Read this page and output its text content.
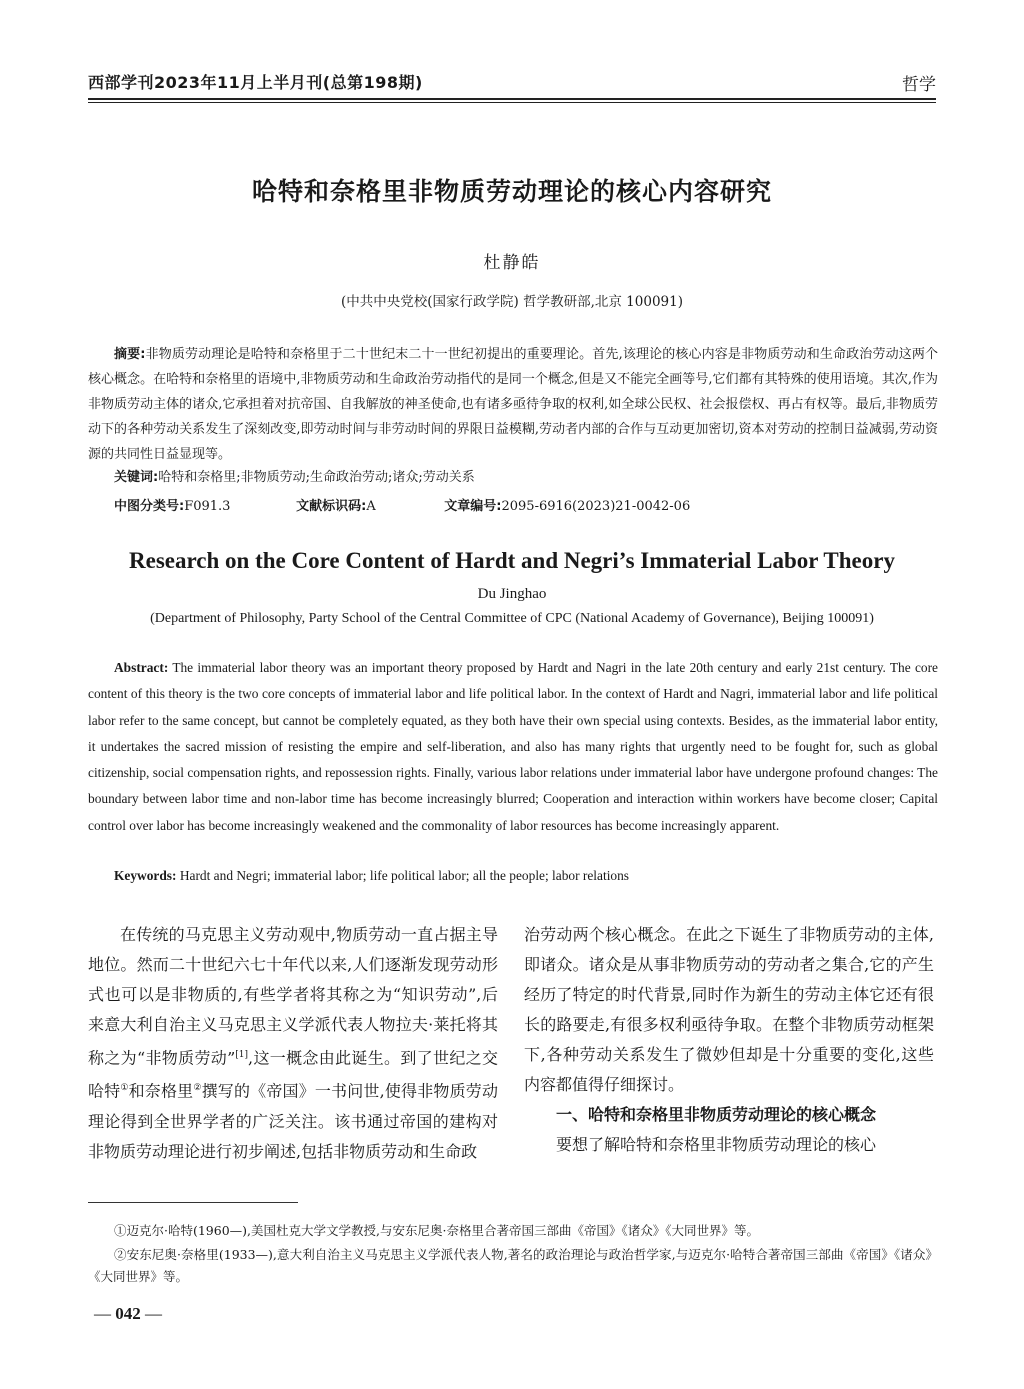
西部学刊2023年11月上半月刊(总第198期)	哲学
哈特和奈格里非物质劳动理论的核心内容研究
杜静皓
(中共中央党校(国家行政学院) 哲学教研部,北京 100091)
摘要:非物质劳动理论是哈特和奈格里于二十世纪末二十一世纪初提出的重要理论。首先,该理论的核心内容是非物质劳动和生命政治劳动这两个核心概念。在哈特和奈格里的语境中,非物质劳动和生命政治劳动指代的是同一个概念,但是又不能完全画等号,它们都有其特殊的使用语境。其次,作为非物质劳动主体的诸众,它承担着对抗帝国、自我解放的神圣使命,也有诸多亟待争取的权利,如全球公民权、社会报偿权、再占有权等。最后,非物质劳动下的各种劳动关系发生了深刻改变,即劳动时间与非劳动时间的界限日益模糊,劳动者内部的合作与互动更加密切,资本对劳动的控制日益减弱,劳动资源的共同性日益显现等。
关键词:哈特和奈格里;非物质劳动;生命政治劳动;诸众;劳动关系
中图分类号:F091.3	文献标识码:A	文章编号:2095-6916(2023)21-0042-06
Research on the Core Content of Hardt and Negri’s Immaterial Labor Theory
Du Jinghao
(Department of Philosophy, Party School of the Central Committee of CPC (National Academy of Governance), Beijing 100091)
Abstract: The immaterial labor theory was an important theory proposed by Hardt and Nagri in the late 20th century and early 21st century. The core content of this theory is the two core concepts of immaterial labor and life political labor. In the context of Hardt and Nagri, immaterial labor and life political labor refer to the same concept, but cannot be completely equated, as they both have their own special using contexts. Besides, as the immaterial labor entity, it undertakes the sacred mission of resisting the empire and self-liberation, and also has many rights that urgently need to be fought for, such as global citizenship, social compensation rights, and repossession rights. Finally, various labor relations under immaterial labor have undergone profound changes: The boundary between labor time and non-labor time has become increasingly blurred; Cooperation and interaction within workers have become closer; Capital control over labor has become increasingly weakened and the commonality of labor resources has become increasingly apparent.
Keywords: Hardt and Negri; immaterial labor; life political labor; all the people; labor relations

在传统的马克思主义劳动观中,物质劳动一直占据主导地位。然而二十世纪六七十年代以来,人们逐渐发现劳动形式也可以是非物质的,有些学者将其称之为“知识劳动”,后来意大利自治主义马克思主义学派代表人物拉夫·莱托将其称之为“非物质劳动”[1],这一概念由此诞生。到了世纪之交哈特①和奈格里②撰写的《帝国》一书问世,使得非物质劳动理论得到全世界学者的广泛关注。该书通过帝国的建构对非物质劳动理论进行初步阐述,包括非物质劳动和生命政

治劳动两个核心概念。在此之下诞生了非物质劳动的主体,即诸众。诸众是从事非物质劳动的劳动者之集合,它的产生经历了特定的时代背景,同时作为新生的劳动主体它还有很长的路要走,有很多权利亟待争取。在整个非物质劳动框架下,各种劳动关系发生了微妙但却是十分重要的变化,这些内容都值得仔细探讨。

一、哈特和奈格里非物质劳动理论的核心概念

要想了解哈特和奈格里非物质劳动理论的核心

①迈克尔·哈特(1960—),美国杜克大学文学教授,与安东尼奥·奈格里合著帝国三部曲《帝国》《诸众》《大同世界》等。
②安东尼奥·奈格里(1933—),意大利自治主义马克思主义学派代表人物,著名的政治理论与政治哲学家,与迈克尔·哈特合著帝国三部曲《帝国》《诸众》《大同世界》等。
— 042 —
